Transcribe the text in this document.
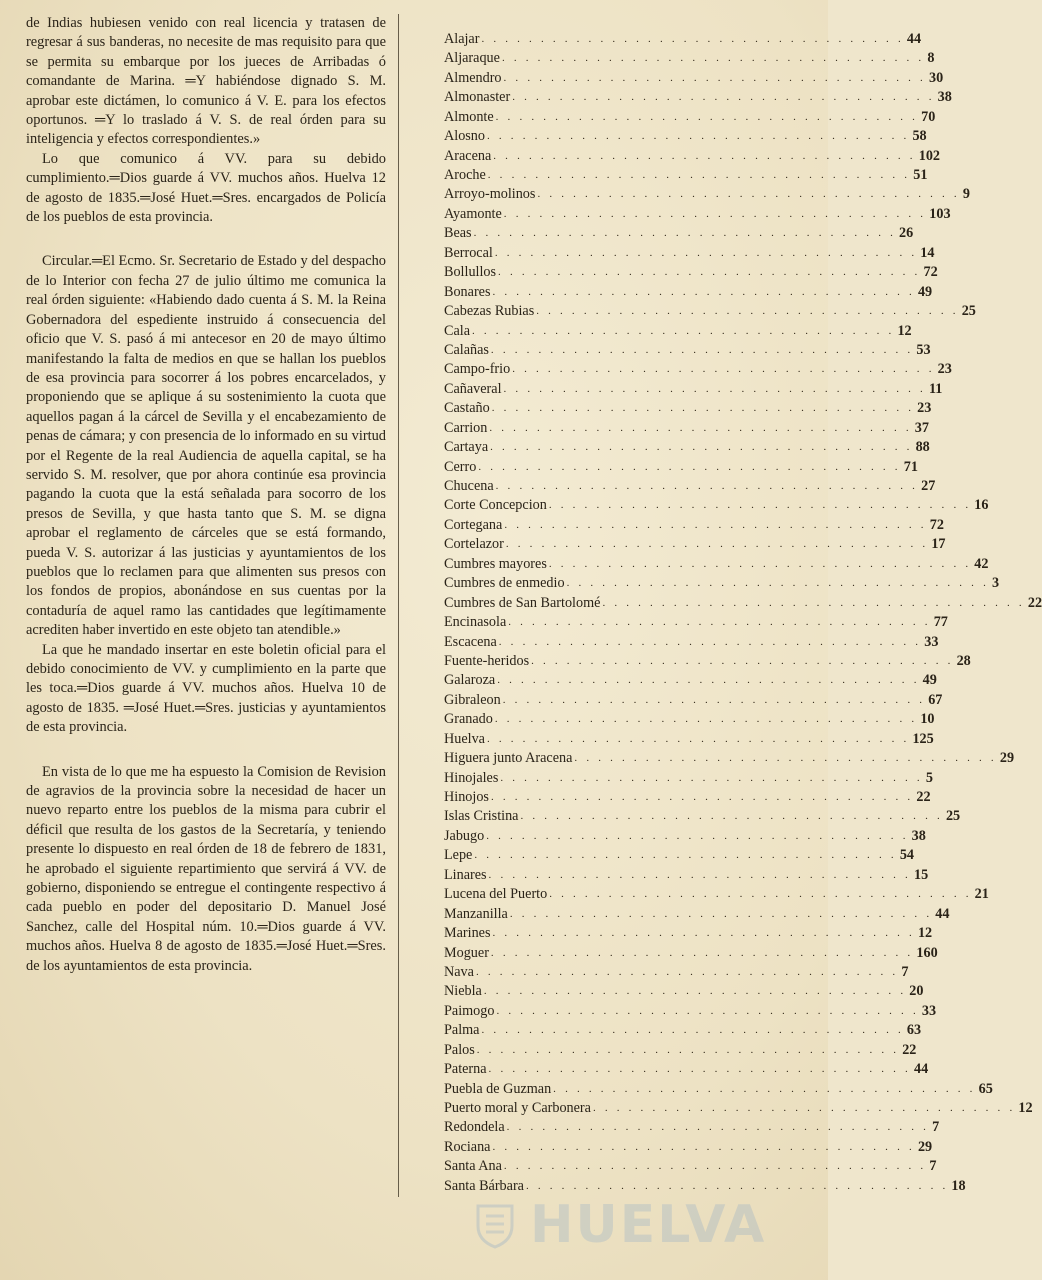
de Indias hubiesen venido con real licencia y tratasen de regresar á sus banderas, no necesite de mas requisito para que se permita su embarque por los jueces de Arribadas ó comandante de Marina. ═Y habiéndose dignado S. M. aprobar este dictámen, lo comunico á V. E. para los efectos oportunos. ═Y lo traslado á V. S. de real órden para su inteligencia y efectos correspondientes.»

Lo que comunico á VV. para su debido cumplimiento.═Dios guarde á VV. muchos años. Huelva 12 de agosto de 1835.═José Huet.═Sres. encargados de Policía de los pueblos de esta provincia.

Circular.═El Ecmo. Sr. Secretario de Estado y del despacho de lo Interior con fecha 27 de julio último me comunica la real órden siguiente: «Habiendo dado cuenta á S. M. la Reina Gobernadora del espediente instruido á consecuencia del oficio que V. S. pasó á mi antecesor en 20 de mayo último manifestando la falta de medios en que se hallan los pueblos de esa provincia para socorrer á los pobres encarcelados, y proponiendo que se aplique á su sostenimiento la cuota que aquellos pagan á la cárcel de Sevilla y el encabezamiento de penas de cámara; y con presencia de lo informado en su virtud por el Regente de la real Audiencia de aquella capital, se ha servido S. M. resolver, que por ahora continúe esa provincia pagando la cuota que la está señalada para socorro de los presos de Sevilla, y que hasta tanto que S. M. se digna aprobar el reglamento de cárceles que se está formando, pueda V. S. autorizar á las justicias y ayuntamientos de los pueblos que lo reclamen para que alimenten sus presos con los fondos de propios, abonándose en sus cuentas por la contaduría de aquel ramo las cantidades que legítimamente acrediten haber invertido en este objeto tan atendible.»

La que he mandado insertar en este boletin oficial para el debido conocimiento de VV. y cumplimiento en la parte que les toca.═Dios guarde á VV. muchos años. Huelva 10 de agosto de 1835. ═José Huet.═Sres. justicias y ayuntamientos de esta provincia.

En vista de lo que me ha espuesto la Comision de Revision de agravios de la provincia sobre la necesidad de hacer un nuevo reparto entre los pueblos de la misma para cubrir el déficil que resulta de los gastos de la Secretaría, y teniendo presente lo dispuesto en real órden de 18 de febrero de 1831, he aprobado el siguiente repartimiento que servirá á VV. de gobierno, disponiendo se entregue el contingente respectivo á cada pueblo en poder del depositario D. Manuel José Sanchez, calle del Hospital núm. 10.═Dios guarde á VV. muchos años. Huelva 8 de agosto de 1835.═José Huet.═Sres. de los ayuntamientos de esta provincia.

Alajar . . . . . . . . . . . . . . . . . . . . . . . . . . . . . . . . . . . . 44
Aljaraque . . . . . . . . . . . . . . . . . . . . . . . . . . . . . . . . . . . . 8
Almendro . . . . . . . . . . . . . . . . . . . . . . . . . . . . . . . . . . . . 30
Almonaster . . . . . . . . . . . . . . . . . . . . . . . . . . . . . . . . . . . . 38
Almonte . . . . . . . . . . . . . . . . . . . . . . . . . . . . . . . . . . . . 70
Alosno . . . . . . . . . . . . . . . . . . . . . . . . . . . . . . . . . . . . 58
Aracena . . . . . . . . . . . . . . . . . . . . . . . . . . . . . . . . . . . . 102
Aroche . . . . . . . . . . . . . . . . . . . . . . . . . . . . . . . . . . . . 51
Arroyo-molinos . . . . . . . . . . . . . . . . . . . . . . . . . . . . . . . . . . . . 9
Ayamonte . . . . . . . . . . . . . . . . . . . . . . . . . . . . . . . . . . . . 103
Beas . . . . . . . . . . . . . . . . . . . . . . . . . . . . . . . . . . . . 26
Berrocal . . . . . . . . . . . . . . . . . . . . . . . . . . . . . . . . . . . . 14
Bollullos . . . . . . . . . . . . . . . . . . . . . . . . . . . . . . . . . . . . 72
Bonares . . . . . . . . . . . . . . . . . . . . . . . . . . . . . . . . . . . . 49
Cabezas Rubias . . . . . . . . . . . . . . . . . . . . . . . . . . . . . . . . . . . . 25
Cala . . . . . . . . . . . . . . . . . . . . . . . . . . . . . . . . . . . . 12
Calañas . . . . . . . . . . . . . . . . . . . . . . . . . . . . . . . . . . . . 53
Campo-frio . . . . . . . . . . . . . . . . . . . . . . . . . . . . . . . . . . . . 23
Cañaveral . . . . . . . . . . . . . . . . . . . . . . . . . . . . . . . . . . . . 11
Castaño . . . . . . . . . . . . . . . . . . . . . . . . . . . . . . . . . . . . 23
Carrion . . . . . . . . . . . . . . . . . . . . . . . . . . . . . . . . . . . . 37
Cartaya . . . . . . . . . . . . . . . . . . . . . . . . . . . . . . . . . . . . 88
Cerro . . . . . . . . . . . . . . . . . . . . . . . . . . . . . . . . . . . . 71
Chucena . . . . . . . . . . . . . . . . . . . . . . . . . . . . . . . . . . . . 27
Corte Concepcion . . . . . . . . . . . . . . . . . . . . . . . . . . . . . . . . . . . . 16
Cortegana . . . . . . . . . . . . . . . . . . . . . . . . . . . . . . . . . . . . 72
Cortelazor . . . . . . . . . . . . . . . . . . . . . . . . . . . . . . . . . . . . 17
Cumbres mayores . . . . . . . . . . . . . . . . . . . . . . . . . . . . . . . . . . . . 42
Cumbres de enmedio . . . . . . . . . . . . . . . . . . . . . . . . . . . . . . . . . . . . 3
Cumbres de San Bartolomé . . . . . . . . . . . . . . . . . . . . . . . . . . . . . . . . . . . . 22
Encinasola . . . . . . . . . . . . . . . . . . . . . . . . . . . . . . . . . . . . 77
Escacena . . . . . . . . . . . . . . . . . . . . . . . . . . . . . . . . . . . . 33
Fuente-heridos . . . . . . . . . . . . . . . . . . . . . . . . . . . . . . . . . . . . 28
Galaroza . . . . . . . . . . . . . . . . . . . . . . . . . . . . . . . . . . . . 49
Gibraleon . . . . . . . . . . . . . . . . . . . . . . . . . . . . . . . . . . . . 67
Granado . . . . . . . . . . . . . . . . . . . . . . . . . . . . . . . . . . . . 10
Huelva . . . . . . . . . . . . . . . . . . . . . . . . . . . . . . . . . . . . 125
Higuera junto Aracena . . . . . . . . . . . . . . . . . . . . . . . . . . . . . . . . . . . . 29
Hinojales . . . . . . . . . . . . . . . . . . . . . . . . . . . . . . . . . . . . 5
Hinojos . . . . . . . . . . . . . . . . . . . . . . . . . . . . . . . . . . . . 22
Islas Cristina . . . . . . . . . . . . . . . . . . . . . . . . . . . . . . . . . . . . 25
Jabugo . . . . . . . . . . . . . . . . . . . . . . . . . . . . . . . . . . . . 38
Lepe . . . . . . . . . . . . . . . . . . . . . . . . . . . . . . . . . . . . 54
Linares . . . . . . . . . . . . . . . . . . . . . . . . . . . . . . . . . . . . 15
Lucena del Puerto . . . . . . . . . . . . . . . . . . . . . . . . . . . . . . . . . . . . 21
Manzanilla . . . . . . . . . . . . . . . . . . . . . . . . . . . . . . . . . . . . 44
Marines . . . . . . . . . . . . . . . . . . . . . . . . . . . . . . . . . . . . 12
Moguer . . . . . . . . . . . . . . . . . . . . . . . . . . . . . . . . . . . . 160
Nava . . . . . . . . . . . . . . . . . . . . . . . . . . . . . . . . . . . . 7
Niebla . . . . . . . . . . . . . . . . . . . . . . . . . . . . . . . . . . . . 20
Paimogo . . . . . . . . . . . . . . . . . . . . . . . . . . . . . . . . . . . . 33
Palma . . . . . . . . . . . . . . . . . . . . . . . . . . . . . . . . . . . . 63
Palos . . . . . . . . . . . . . . . . . . . . . . . . . . . . . . . . . . . . 22
Paterna . . . . . . . . . . . . . . . . . . . . . . . . . . . . . . . . . . . . 44
Puebla de Guzman . . . . . . . . . . . . . . . . . . . . . . . . . . . . . . . . . . . . 65
Puerto moral y Carbonera . . . . . . . . . . . . . . . . . . . . . . . . . . . . . . . . . . . . 12
Redondela . . . . . . . . . . . . . . . . . . . . . . . . . . . . . . . . . . . . 7
Rociana . . . . . . . . . . . . . . . . . . . . . . . . . . . . . . . . . . . . 29
Santa Ana . . . . . . . . . . . . . . . . . . . . . . . . . . . . . . . . . . . . 7
Santa Bárbara . . . . . . . . . . . . . . . . . . . . . . . . . . . . . . . . . . . . 18
HUELVA
